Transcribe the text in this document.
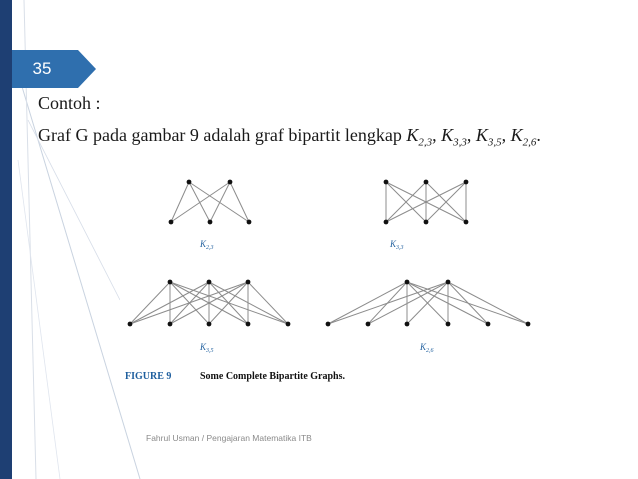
35
Contoh :
Graf G pada gambar 9 adalah graf bipartit lengkap $K_{2,3}$, $K_{3,3}$, $K_{3,5}$, $K_{2,6}$.
$K_{2,3}$	$K_{3,3}$
$K_{3,5}$	$K_{2,6}$
FIGURE 9	Some Complete Bipartite Graphs.
Fahrul Usman / Pengajaran Matematika ITB
